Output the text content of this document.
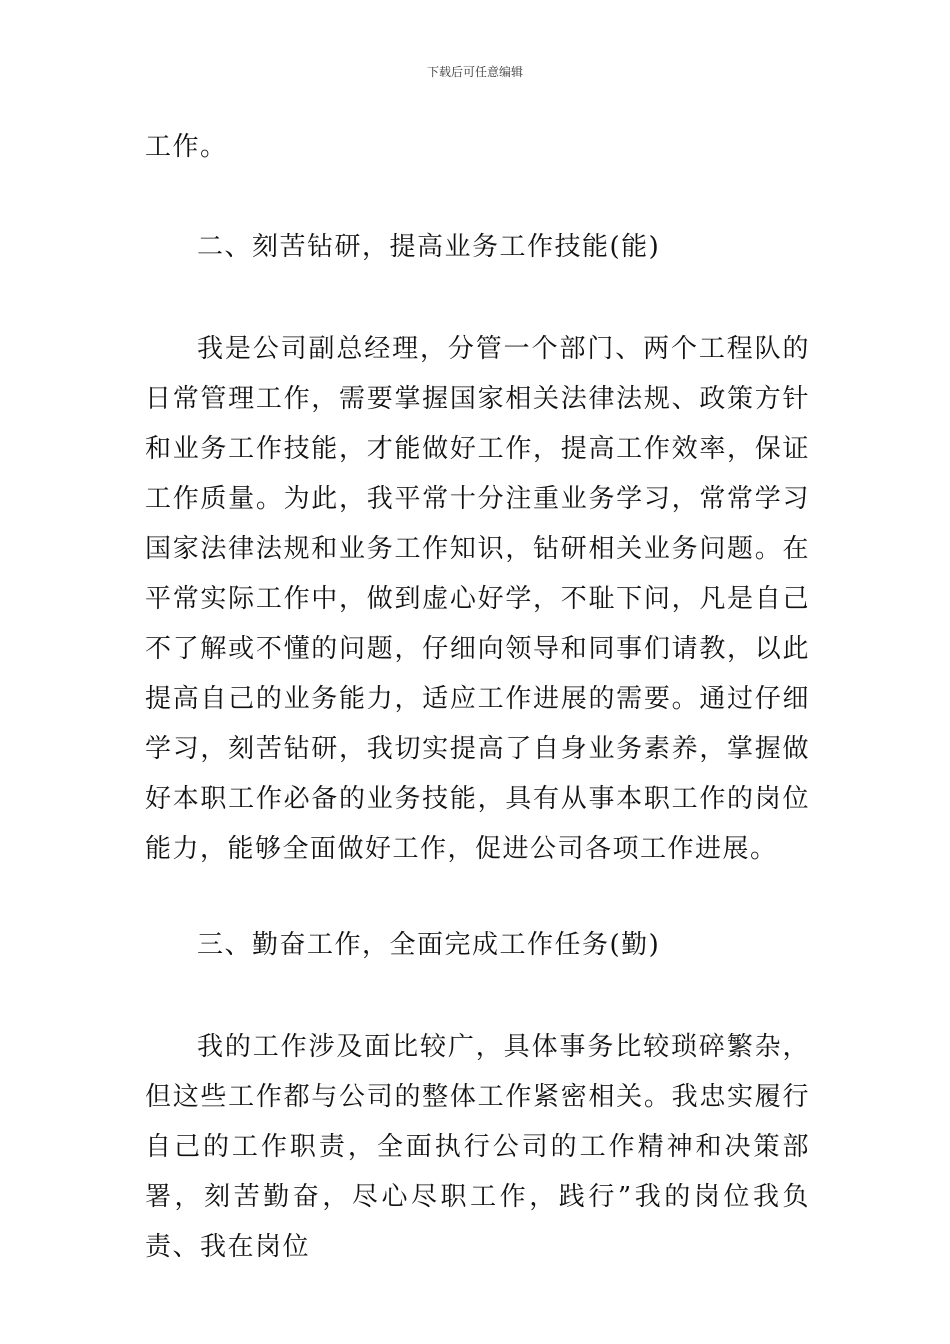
下载后可任意编辑

工作。

二、刻苦钻研，提高业务工作技能(能)

我是公司副总经理，分管一个部门、两个工程队的日常管理工作，需要掌握国家相关法律法规、政策方针和业务工作技能，才能做好工作，提高工作效率，保证工作质量。为此，我平常十分注重业务学习，常常学习国家法律法规和业务工作知识，钻研相关业务问题。在平常实际工作中，做到虚心好学，不耻下问，凡是自己不了解或不懂的问题，仔细向领导和同事们请教，以此提高自己的业务能力，适应工作进展的需要。通过仔细学习，刻苦钻研，我切实提高了自身业务素养，掌握做好本职工作必备的业务技能，具有从事本职工作的岗位能力，能够全面做好工作，促进公司各项工作进展。

三、勤奋工作，全面完成工作任务(勤)

我的工作涉及面比较广，具体事务比较琐碎繁杂，但这些工作都与公司的整体工作紧密相关。我忠实履行自己的工作职责，全面执行公司的工作精神和决策部署，刻苦勤奋，尽心尽职工作，践行”我的岗位我负责、我在岗位
